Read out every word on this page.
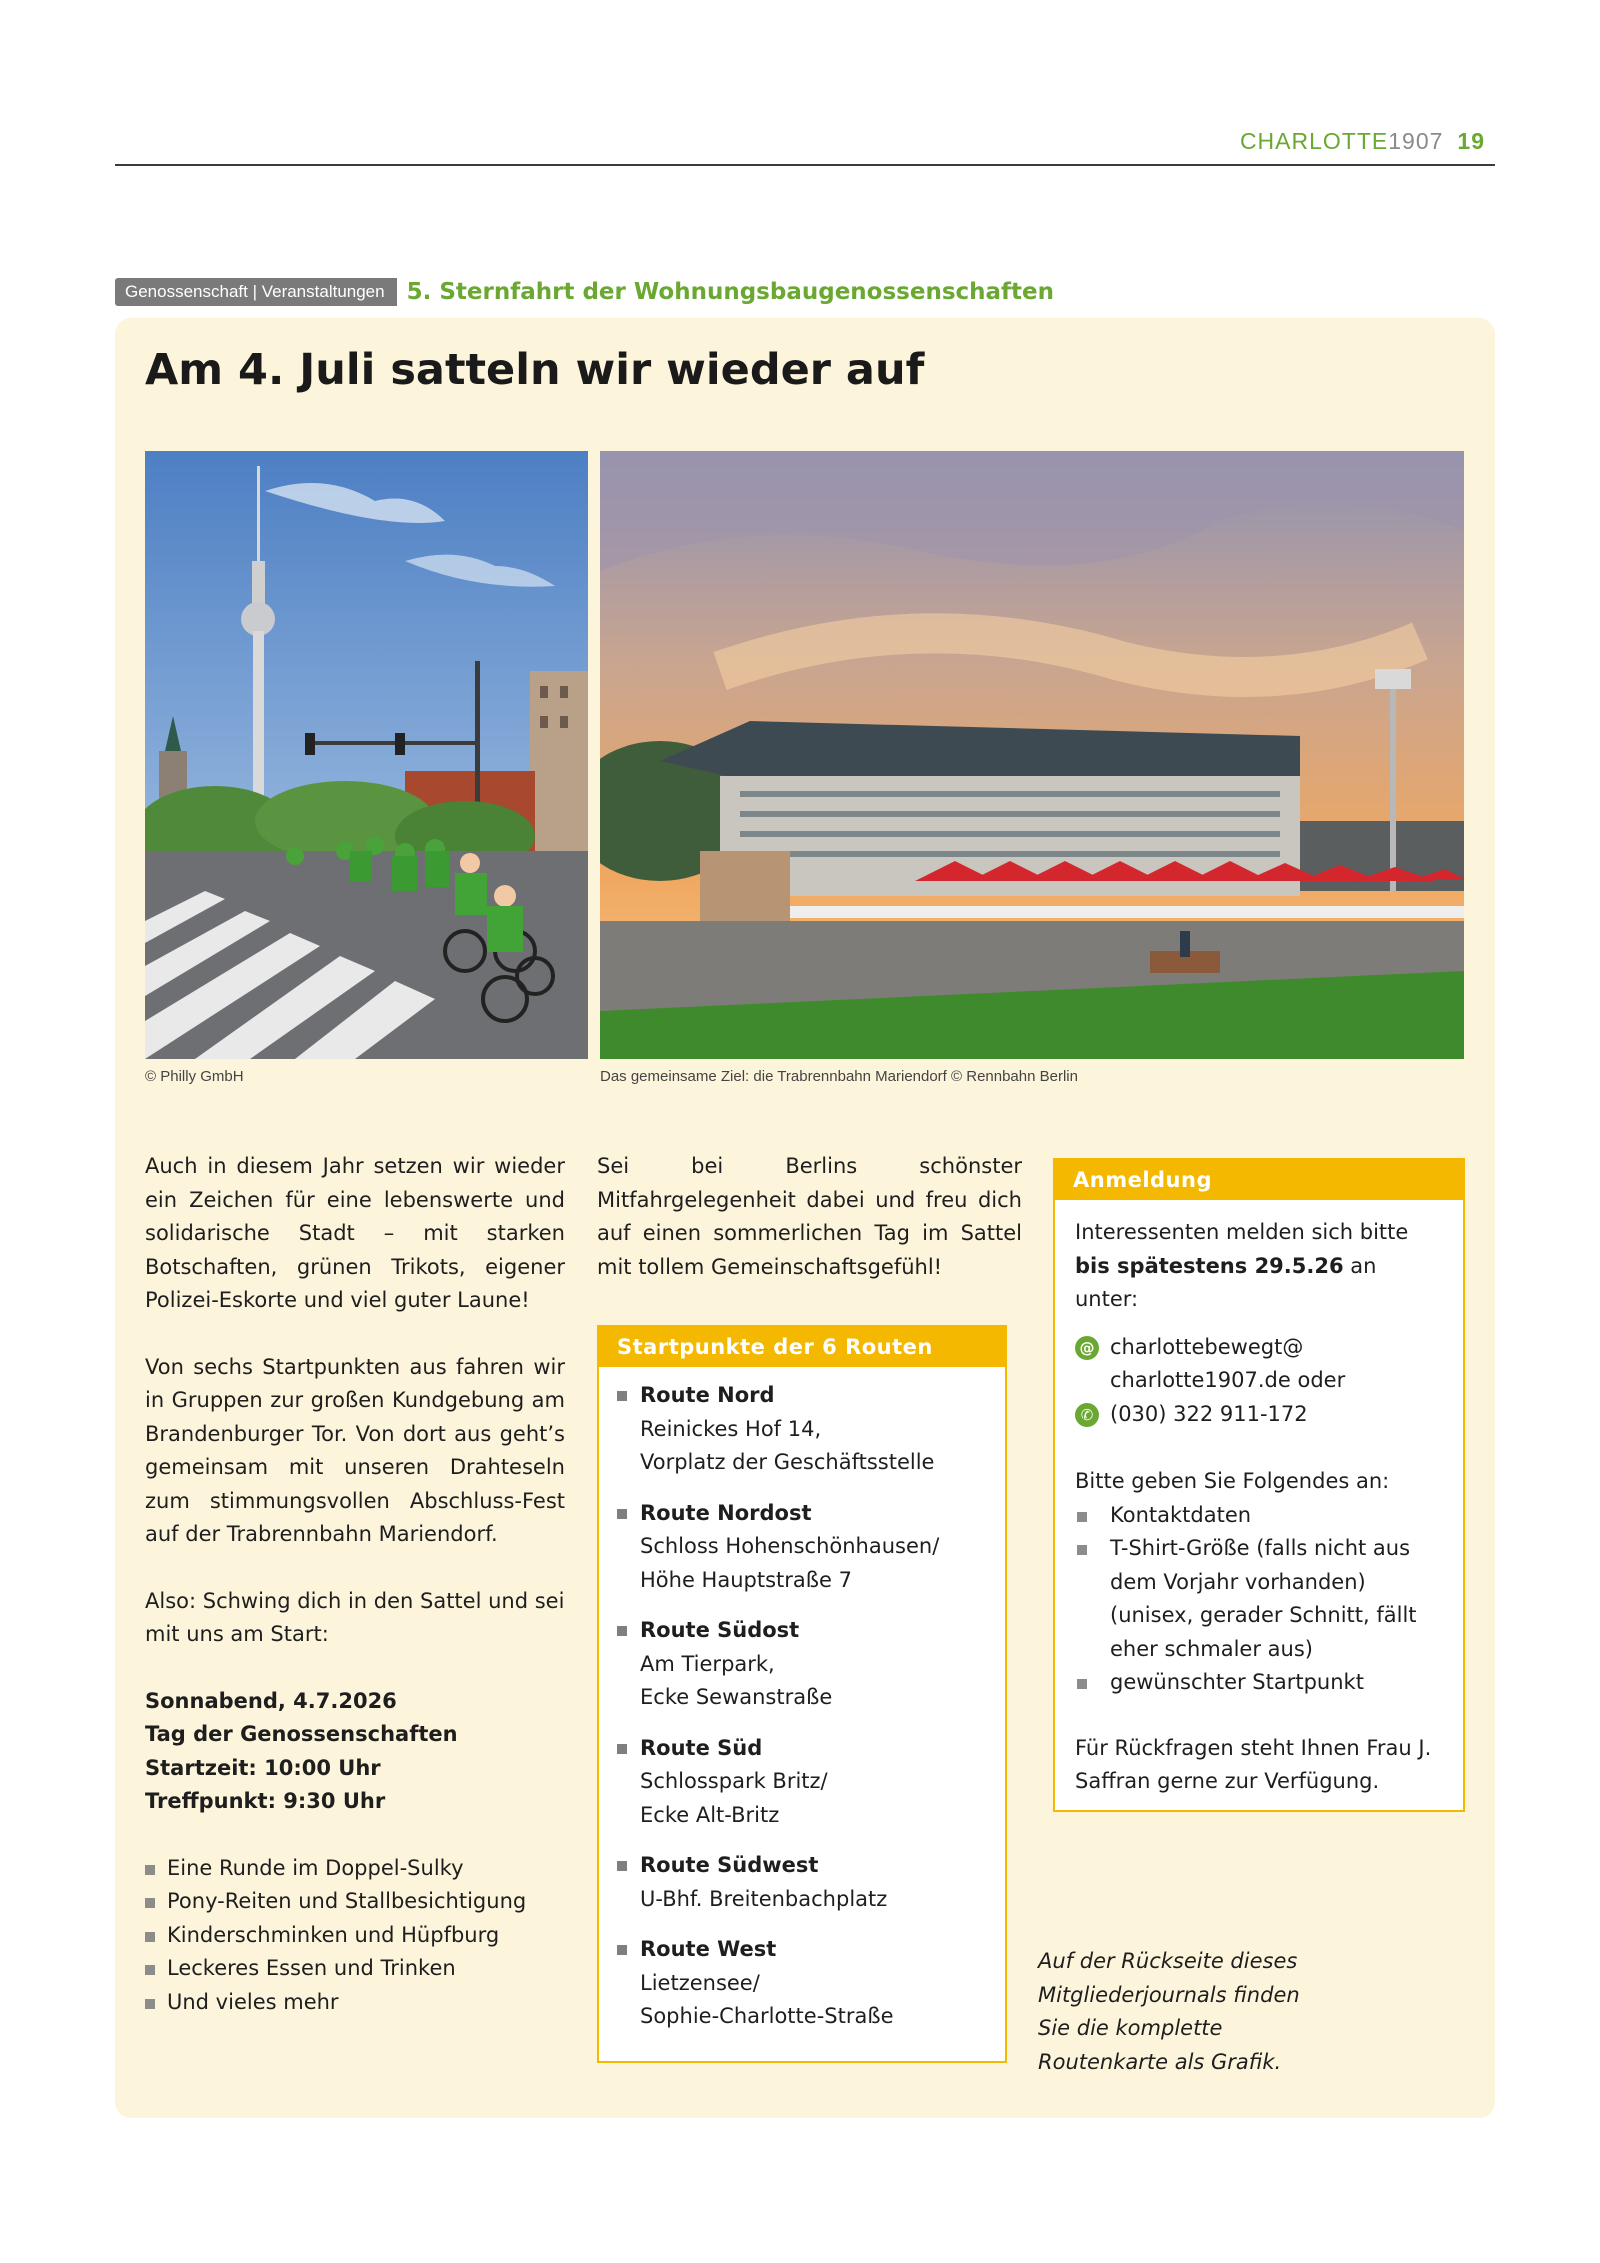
CHARLOTTE1907 19
Genossenschaft | Veranstaltungen 5. Sternfahrt der Wohnungsbaugenossenschaften
Am 4. Juli satteln wir wieder auf
© Philly GmbH	Das gemeinsame Ziel: die Trabrennbahn Mariendorf © Rennbahn Berlin

Auch in diesem Jahr setzen wir wieder ein Zeichen für eine lebenswerte und solidarische Stadt – mit starken Botschaften, grünen Trikots, eigener Polizei-Eskorte und viel guter Laune!

Von sechs Startpunkten aus fahren wir in Gruppen zur großen Kundgebung am Brandenburger Tor. Von dort aus geht’s gemeinsam mit unseren Drahteseln zum stimmungsvollen Abschluss-Fest auf der Trabrennbahn Mariendorf.

Also: Schwing dich in den Sattel und sei mit uns am Start:

Sonnabend, 4.7.2026
Tag der Genossenschaften
Startzeit: 10:00 Uhr
Treffpunkt: 9:30 Uhr
Eine Runde im Doppel-Sulky
Pony-Reiten und Stallbesichtigung
Kinderschminken und Hüpfburg
Leckeres Essen und Trinken
Und vieles mehr

Sei bei Berlins schönster Mitfahrgelegenheit dabei und freu dich auf einen sommerlichen Tag im Sattel mit tollem Gemeinschaftsgefühl!

Startpunkte der 6 Routen
Route Nord
Reinickes Hof 14,
Vorplatz der Geschäftsstelle
Route Nordost
Schloss Hohenschönhausen/
Höhe Hauptstraße 7
Route Südost
Am Tierpark,
Ecke Sewanstraße
Route Süd
Schlosspark Britz/
Ecke Alt-Britz
Route Südwest
U-Bhf. Breitenbachplatz
Route West
Lietzensee/
Sophie-Charlotte-Straße
Anmeldung

Interessenten melden sich bitte bis spätestens 29.5.26 an unter:

@ charlottebewegt@
charlotte1907.de oder
✆ (030) 322 911-172
Bitte geben Sie Folgendes an:
Kontaktdaten
T-Shirt-Größe (falls nicht aus dem Vorjahr vorhanden) (unisex, gerader Schnitt, fällt eher schmaler aus)
gewünschter Startpunkt

Für Rückfragen steht Ihnen Frau J. Saffran gerne zur Verfügung.

Auf der Rückseite dieses Mitgliederjournals finden Sie die komplette Routenkarte als Grafik.
